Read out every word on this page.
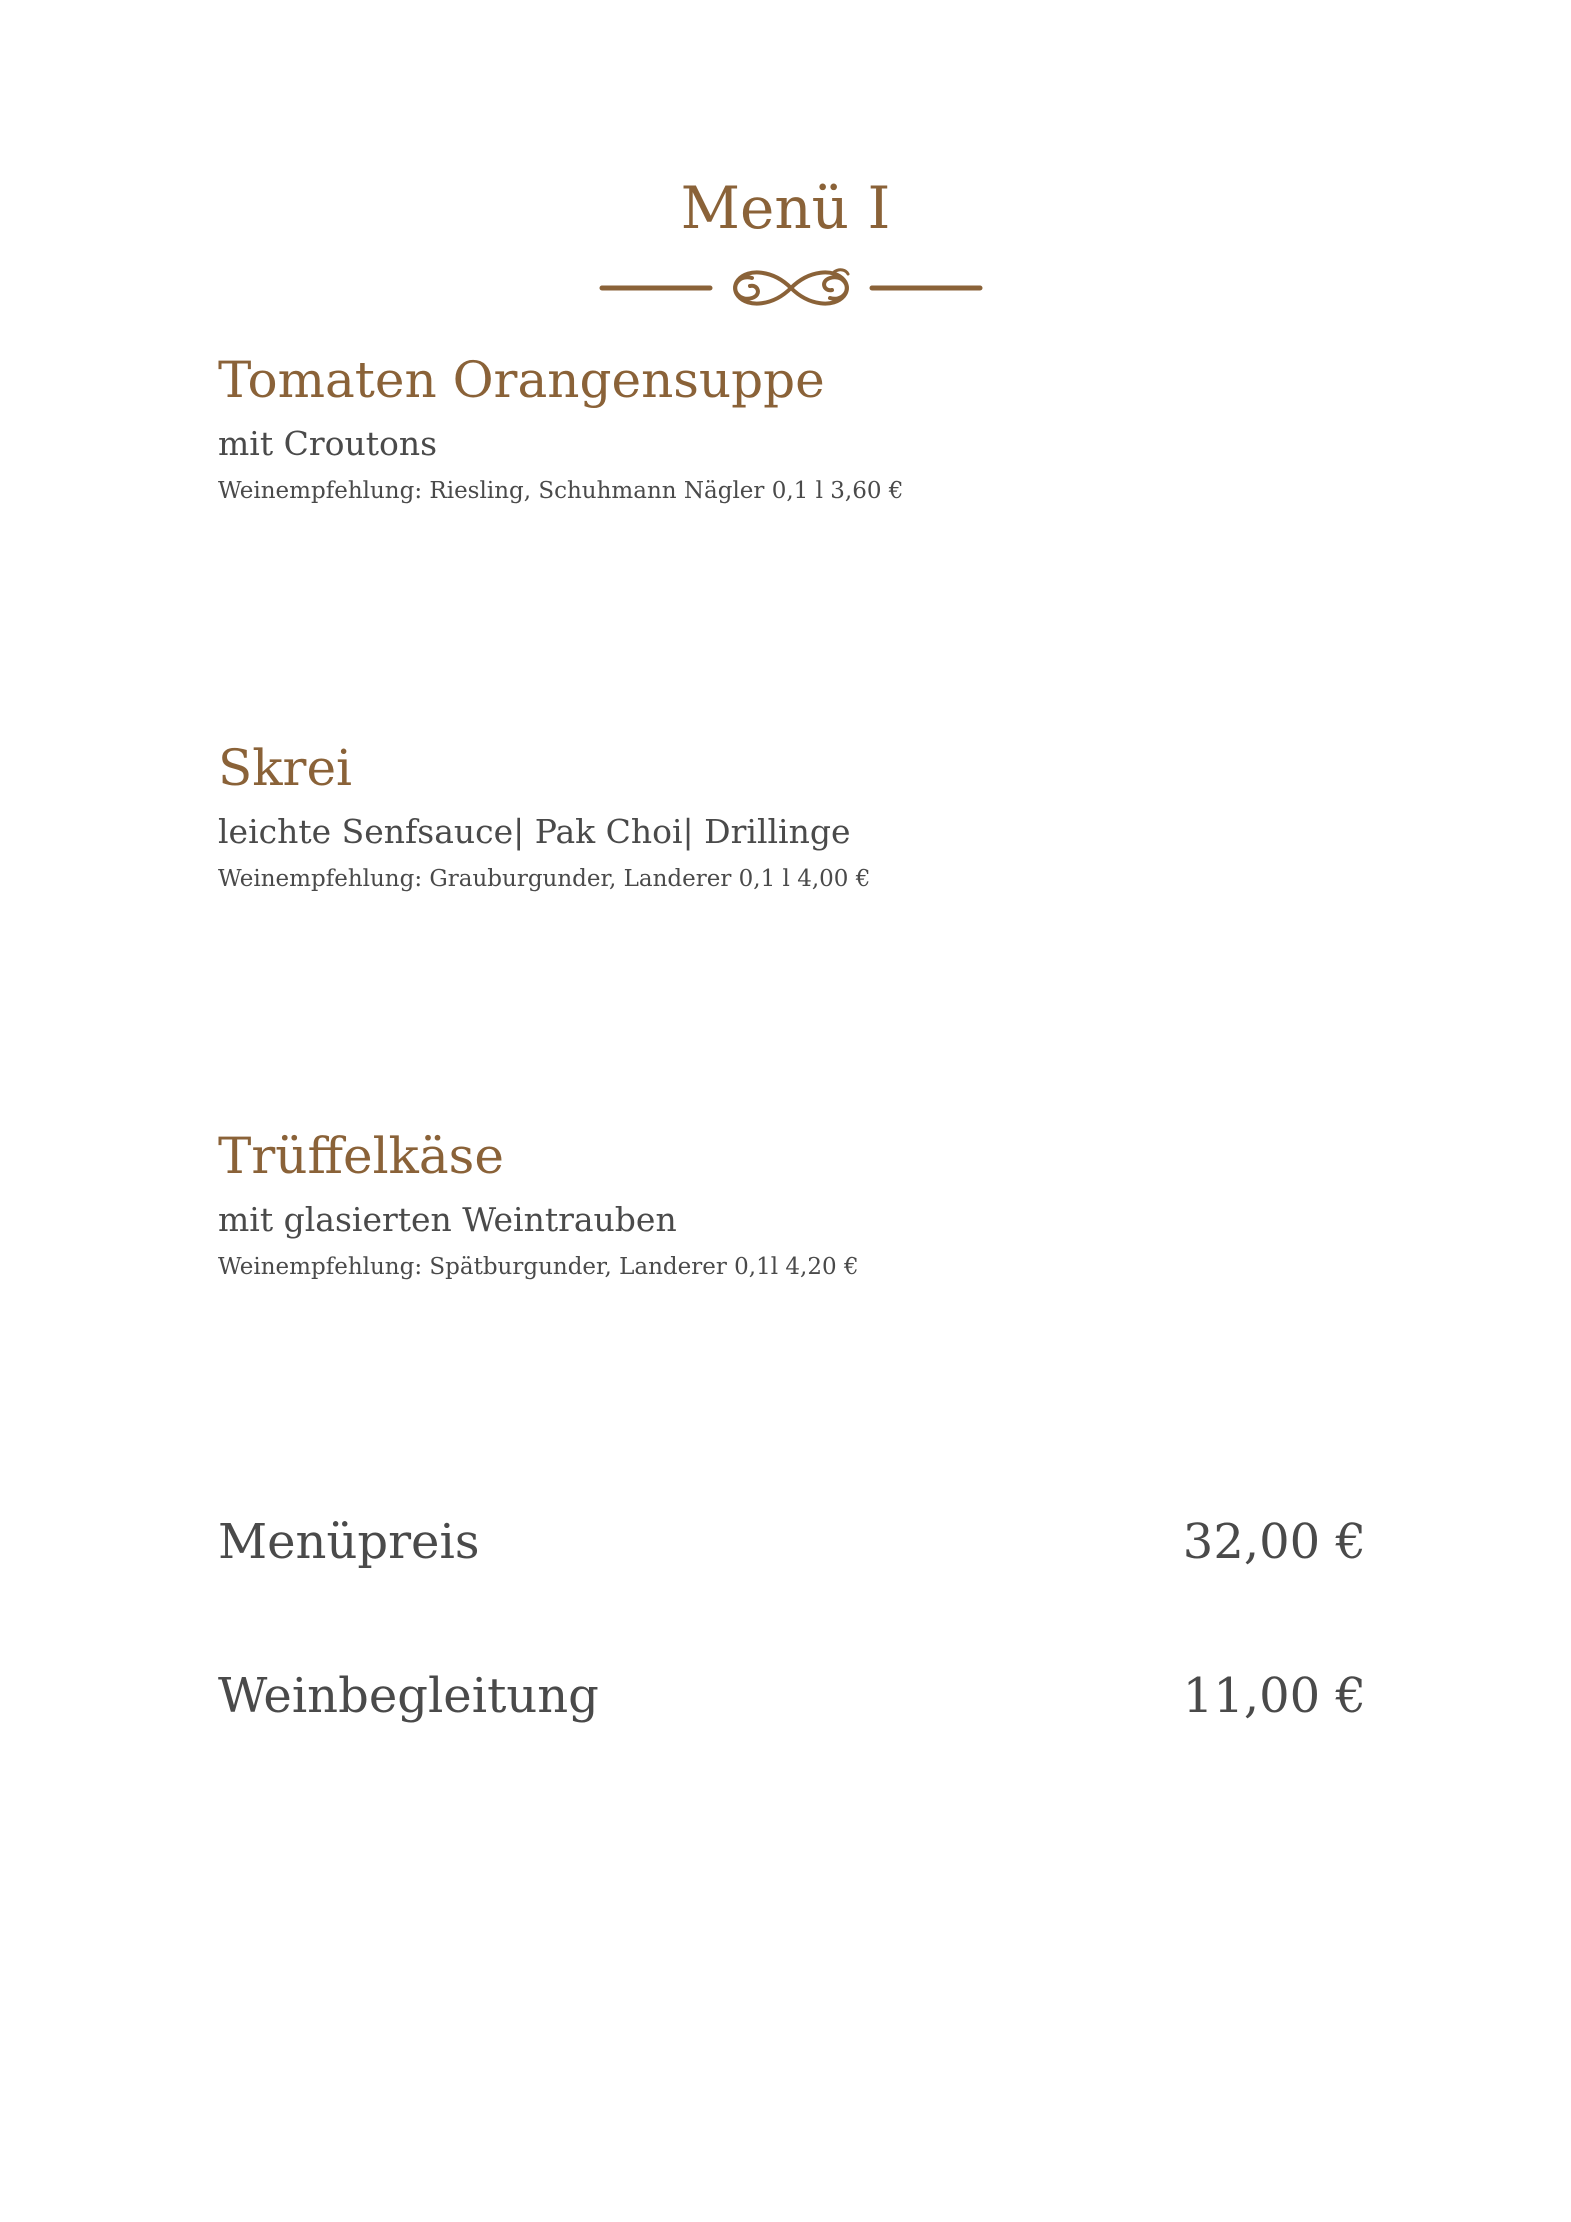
Menü I
Tomaten Orangensuppe

mit Croutons

Weinempfehlung: Riesling, Schuhmann Nägler 0,1 l 3,60 €

Skrei

leichte Senfsauce| Pak Choi| Drillinge

Weinempfehlung: Grauburgunder, Landerer 0,1 l 4,00 €

Trüffelkäse

mit glasierten Weintrauben

Weinempfehlung: Spätburgunder, Landerer 0,1l 4,20 €

Menüpreis	32,00 €
Weinbegleitung	11,00 €
